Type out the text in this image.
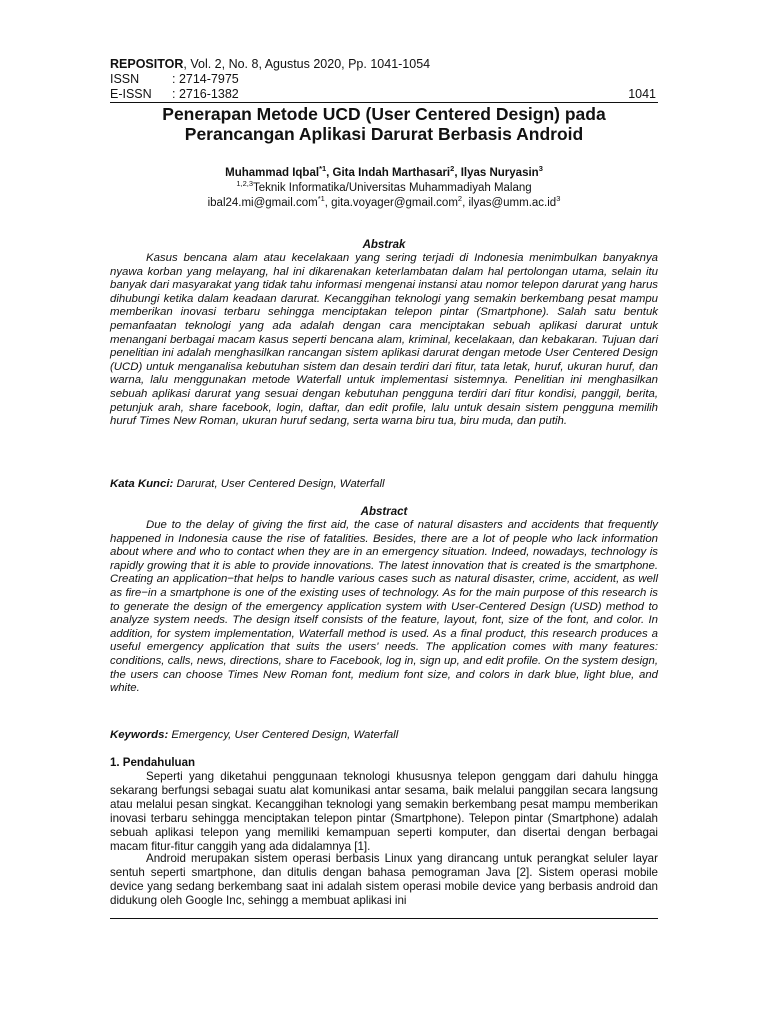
REPOSITOR, Vol. 2, No. 8, Agustus 2020, Pp. 1041-1054
ISSN	: 2714-7975
E-ISSN : 2716-1382	1041
Penerapan Metode UCD (User Centered Design) pada Perancangan Aplikasi Darurat Berbasis Android
Muhammad Iqbal$^{*1}$, Gita Indah Marthasari$^2$, Ilyas Nuryasin$^3$
$^{1,2,3}$Teknik Informatika/Universitas Muhammadiyah Malang
ibal24.mi@gmail.com$^{*1}$, gita.voyager@gmail.com$^2$, $ilyas@umm.ac.id^3$
Abstrak

Kasus bencana alam atau kecelakaan yang sering terjadi di Indonesia menimbulkan banyaknya nyawa korban yang melayang, hal ini dikarenakan keterlambatan dalam hal pertolongan utama, selain itu banyak dari masyarakat yang tidak tahu informasi mengenai instansi atau nomor telepon darurat yang harus dihubungi ketika dalam keadaan darurat. Kecanggihan teknologi yang semakin berkembang pesat mampu memberikan inovasi terbaru sehingga menciptakan telepon pintar (Smartphone). Salah satu bentuk pemanfaatan teknologi yang ada adalah dengan cara menciptakan sebuah aplikasi darurat untuk menangani berbagai macam kasus seperti bencana alam, kriminal, kecelakaan, dan kebakaran. Tujuan dari penelitian ini adalah menghasilkan rancangan sistem aplikasi darurat dengan metode User Centered Design (UCD) untuk menganalisa kebutuhan sistem dan desain terdiri dari fitur, tata letak, huruf, ukuran huruf, dan warna, lalu menggunakan metode Waterfall untuk implementasi sistemnya. Penelitian ini menghasilkan sebuah aplikasi darurat yang sesuai dengan kebutuhan pengguna terdiri dari fitur kondisi, panggil, berita, petunjuk arah, share facebook, login, daftar, dan edit profile, lalu untuk desain sistem pengguna memilih huruf Times New Roman, ukuran huruf sedang, serta warna biru tua, biru muda, dan putih.

Kata Kunci: Darurat, User Centered Design, Waterfall
Abstract

Due to the delay of giving the first aid, the case of natural disasters and accidents that frequently happened in Indonesia cause the rise of fatalities. Besides, there are a lot of people who lack information about where and who to contact when they are in an emergency situation. Indeed, nowadays, technology is rapidly growing that it is able to provide innovations. The latest innovation that is created is the smartphone. Creating an application−that helps to handle various cases such as natural disaster, crime, accident, as well as fire−in a smartphone is one of the existing uses of technology. As for the main purpose of this research is to generate the design of the emergency application system with User-Centered Design (USD) method to analyze system needs. The design itself consists of the feature, layout, font, size of the font, and color. In addition, for system implementation, Waterfall method is used. As a final product, this research produces a useful emergency application that suits the users' needs. The application comes with many features: conditions, calls, news, directions, share to Facebook, log in, sign up, and edit profile. On the system design, the users can choose Times New Roman font, medium font size, and colors in dark blue, light blue, and white.

Keywords: Emergency, User Centered Design, Waterfall
1. Pendahuluan

Seperti yang diketahui penggunaan teknologi khususnya telepon genggam dari dahulu hingga sekarang berfungsi sebagai suatu alat komunikasi antar sesama, baik melalui panggilan secara langsung atau melalui pesan singkat. Kecanggihan teknologi yang semakin berkembang pesat mampu memberikan inovasi terbaru sehingga menciptakan telepon pintar (Smartphone). Telepon pintar (Smartphone) adalah sebuah aplikasi telepon yang memiliki kemampuan seperti komputer, dan disertai dengan berbagai macam fitur-fitur canggih yang ada didalamnya [1].

Android merupakan sistem operasi berbasis Linux yang dirancang untuk perangkat seluler layar sentuh seperti smartphone, dan ditulis dengan bahasa pemograman Java [2]. Sistem operasi mobile device yang sedang berkembang saat ini adalah sistem operasi mobile device yang berbasis android dan didukung oleh Google Inc, sehingg a membuat aplikasi ini
